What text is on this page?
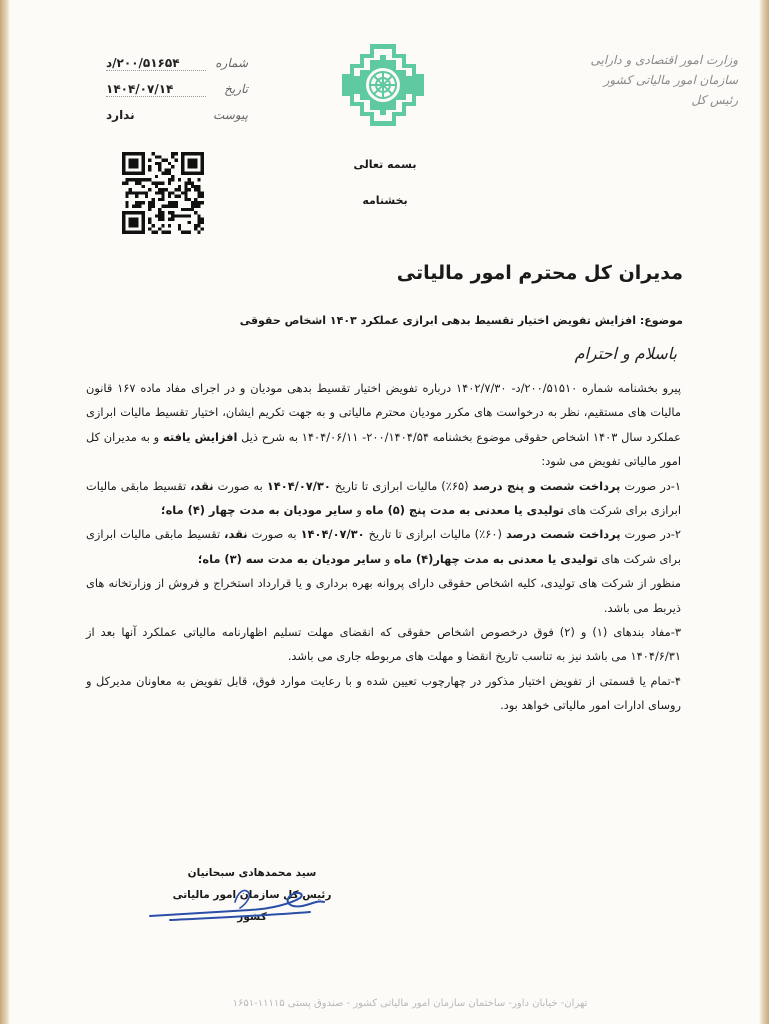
وزارت امور اقتصادی و دارایی
سازمان امور مالیاتی کشور
رئیس کل
شماره
۲۰۰/۵۱۶۵۴/د
تاریخ
۱۴۰۴/۰۷/۱۴
پیوست
ندارد
بسمه تعالی
بخشنامه
مدیران کل محترم امور مالیاتی
موضوع: افزایش تفویض اختیار تقسیط بدهی ابرازی عملکرد ۱۴۰۳ اشخاص حقوقی
باسلام و احترام

پیرو بخشنامه شماره ۲۰۰/۵۱۵۱۰/د- ۱۴۰۲/۷/۳۰ درباره تفویض اختیار تقسیط بدهی مودیان و در اجرای مفاد ماده ۱۶۷ قانون مالیات های مستقیم، نظر به درخواست های مکرر مودیان محترم مالیاتی و به جهت تکریم ایشان، اختیار تقسیط مالیات ابرازی عملکرد سال ۱۴۰۳ اشخاص حقوقی موضوع بخشنامه ۲۰۰/۱۴۰۴/۵۴- ۱۴۰۴/۰۶/۱۱ به شرح ذیل افزایش یافته و به مدیران کل امور مالیاتی تفویض می شود:

۱-در صورت پرداخت شصت و پنج درصد (۶۵٪) مالیات ابرازی تا تاریخ ۱۴۰۴/۰۷/۳۰ به صورت نقد، تقسیط مابقی مالیات ابرازی برای شرکت های تولیدی یا معدنی به مدت پنج (۵) ماه و سایر مودیان به مدت چهار (۴) ماه؛

۲-در صورت پرداخت شصت درصد (۶۰٪) مالیات ابرازی تا تاریخ ۱۴۰۴/۰۷/۳۰ به صورت نقد، تقسیط مابقی مالیات ابرازی برای شرکت های تولیدی یا معدنی به مدت چهار(۴) ماه و سایر مودیان به مدت سه (۳) ماه؛

منظور از شرکت های تولیدی، کلیه اشخاص حقوقی دارای پروانه بهره برداری و یا قرارداد استخراج و فروش از وزارتخانه های ذیربط می باشد.

۳-مفاد بندهای (۱) و (۲) فوق درخصوص اشخاص حقوقی که انقضای مهلت تسلیم اظهارنامه مالیاتی عملکرد آنها بعد از ۱۴۰۴/۶/۳۱ می باشد نیز به تناسب تاریخ انقضا و مهلت های مربوطه جاری می باشد.

۴-تمام یا قسمتی از تفویض اختیار مذکور در چهارچوب تعیین شده و با رعایت موارد فوق، قابل تفویض به معاونان مدیرکل و روسای ادارات امور مالیاتی خواهد بود.

سید محمدهادی سبحانیان
رئیس کل سازمان امور مالیاتی کشور
تهران- خیابان داور- ساختمان سازمان امور مالیاتی کشور - صندوق پستی ۱۱۱۱۵-۱۶۵۱
